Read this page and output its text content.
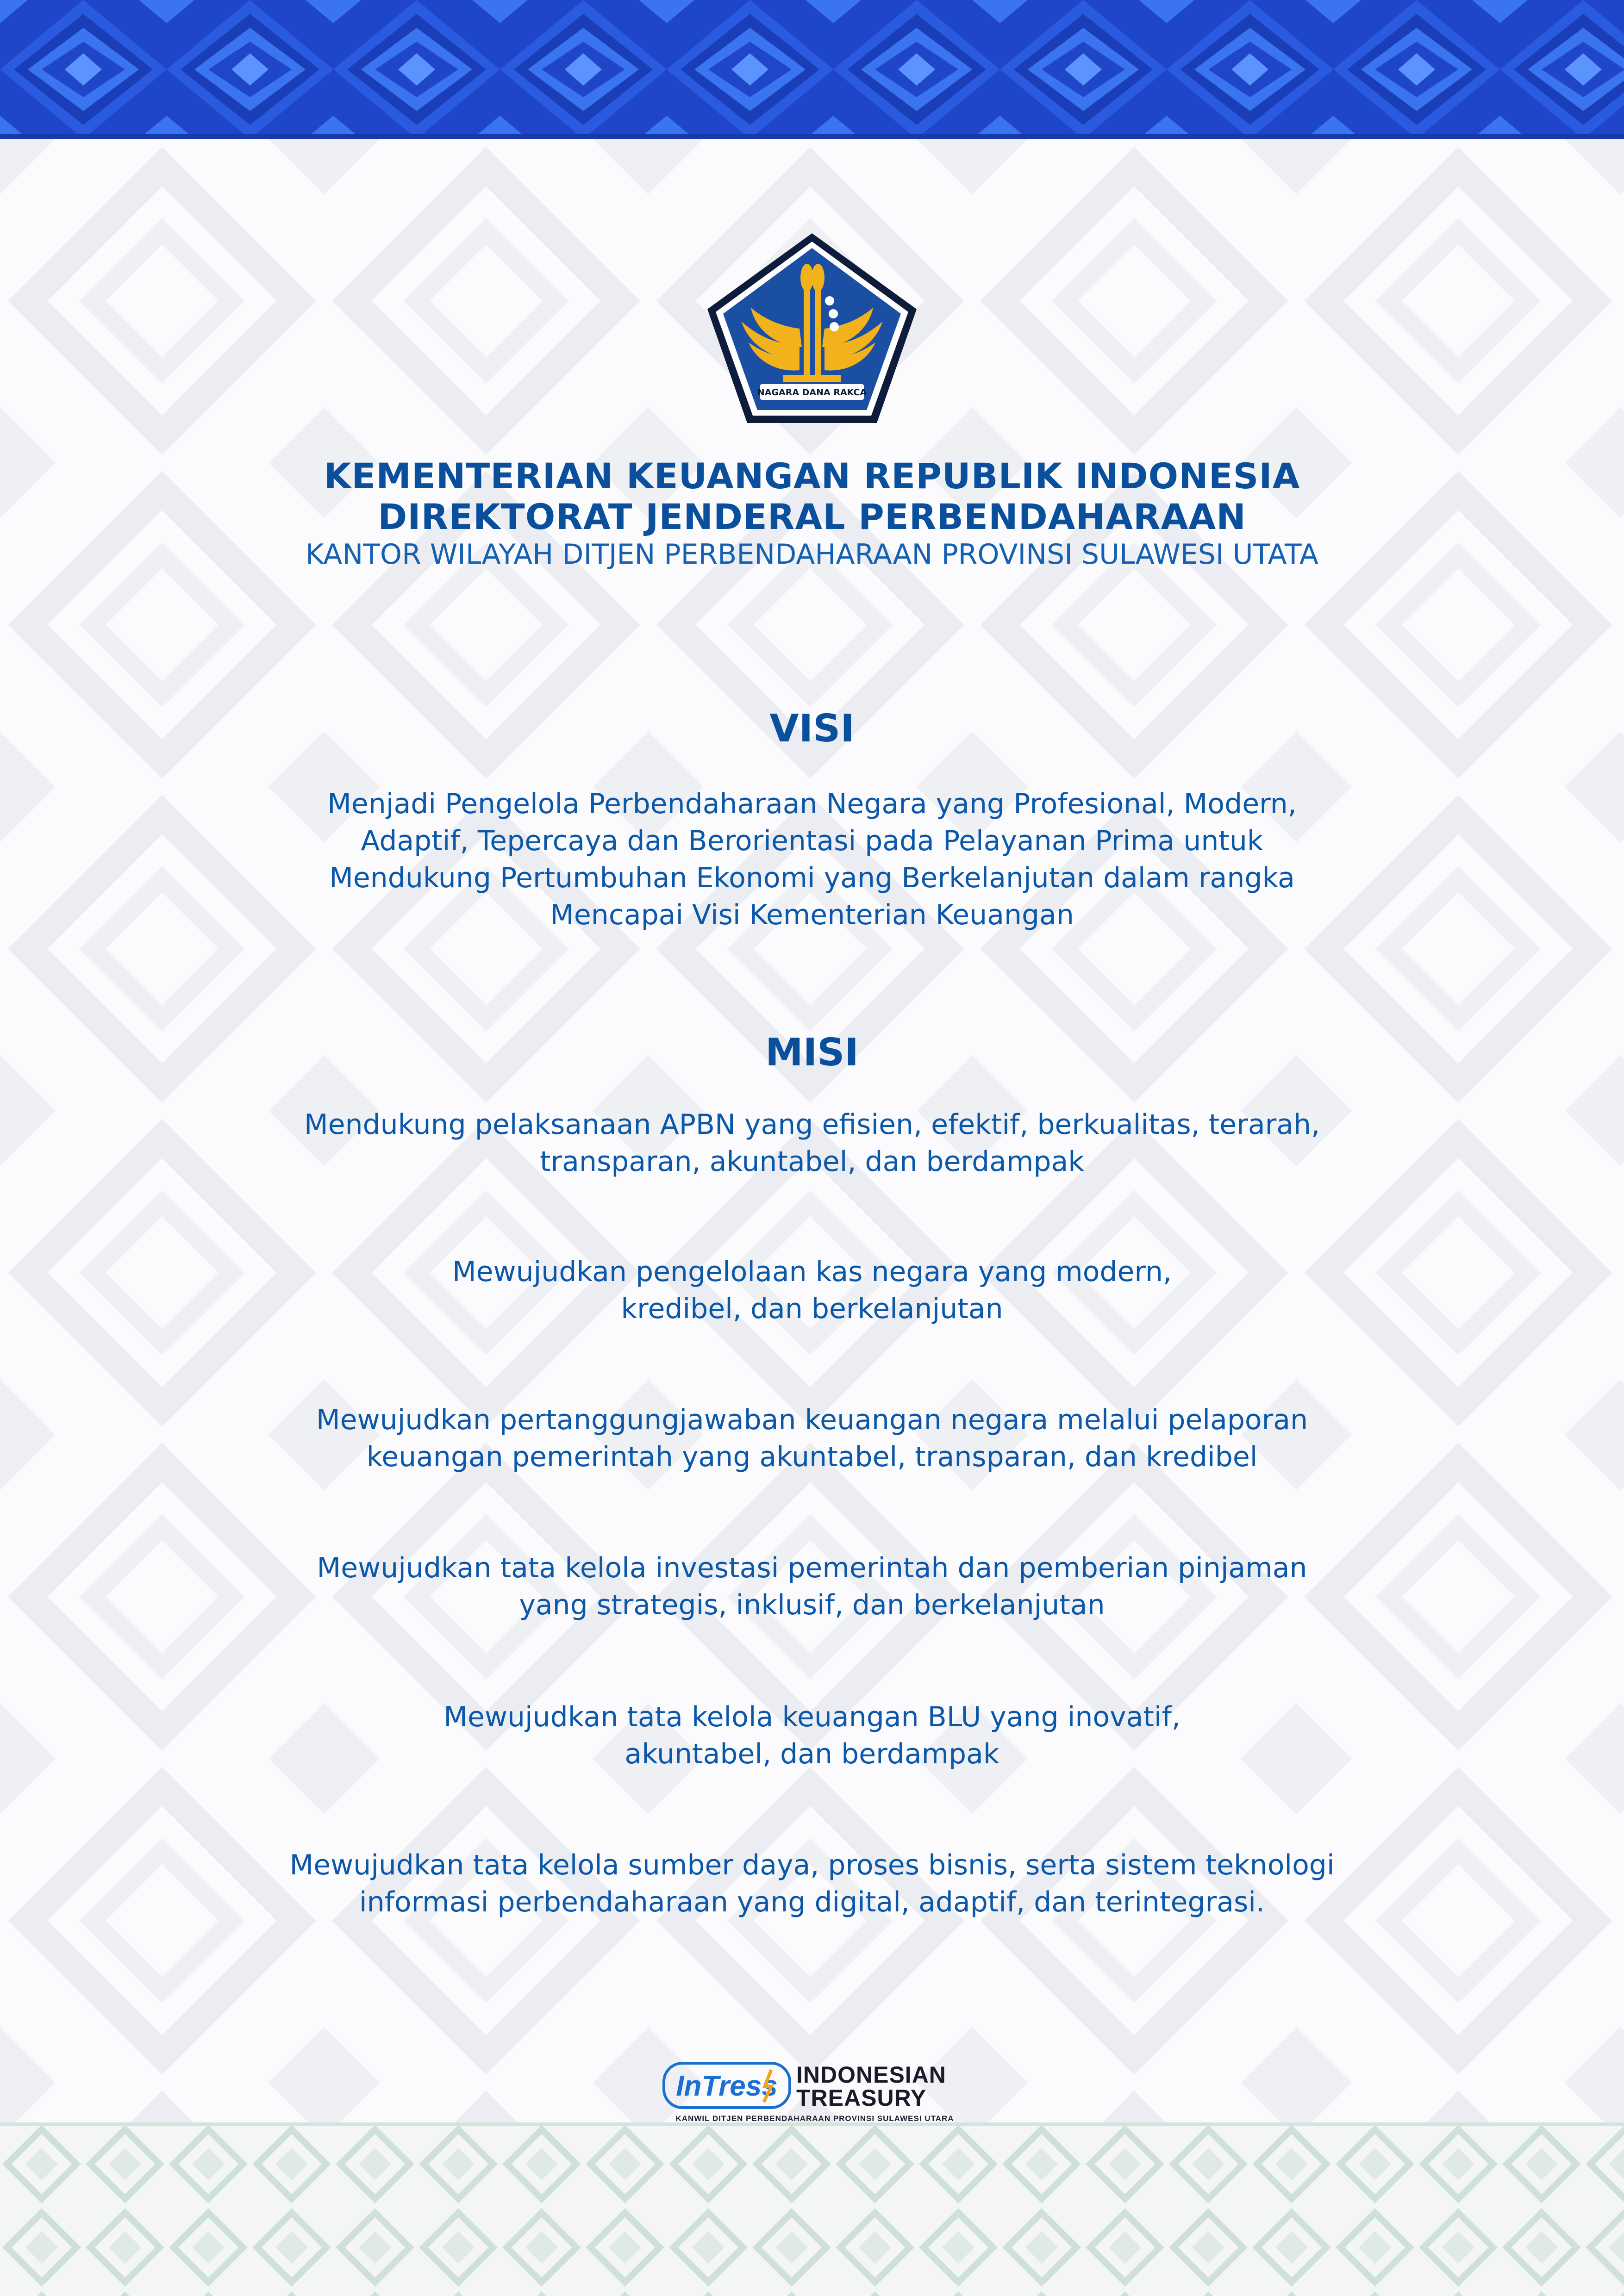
NAGARA DANA RAKCA
KEMENTERIAN KEUANGAN REPUBLIK INDONESIA
DIREKTORAT JENDERAL PERBENDAHARAAN
KANTOR WILAYAH DITJEN PERBENDAHARAAN PROVINSI SULAWESI UTATA
VISI
Menjadi Pengelola Perbendaharaan Negara yang Profesional, Modern,
Adaptif, Tepercaya dan Berorientasi pada Pelayanan Prima untuk
Mendukung Pertumbuhan Ekonomi yang Berkelanjutan dalam rangka
Mencapai Visi Kementerian Keuangan
MISI
Mendukung pelaksanaan APBN yang efisien, efektif, berkualitas, terarah,
transparan, akuntabel, dan berdampak
Mewujudkan pengelolaan kas negara yang modern,
kredibel, dan berkelanjutan
Mewujudkan pertanggungjawaban keuangan negara melalui pelaporan
keuangan pemerintah yang akuntabel, transparan, dan kredibel
Mewujudkan tata kelola investasi pemerintah dan pemberian pinjaman
yang strategis, inklusif, dan berkelanjutan
Mewujudkan tata kelola keuangan BLU yang inovatif,
akuntabel, dan berdampak
Mewujudkan tata kelola sumber daya, proses bisnis, serta sistem teknologi
informasi perbendaharaan yang digital, adaptif, dan terintegrasi.
InTress INDONESIAN
TREASURY
KANWIL DITJEN PERBENDAHARAAN PROVINSI SULAWESI UTARA
